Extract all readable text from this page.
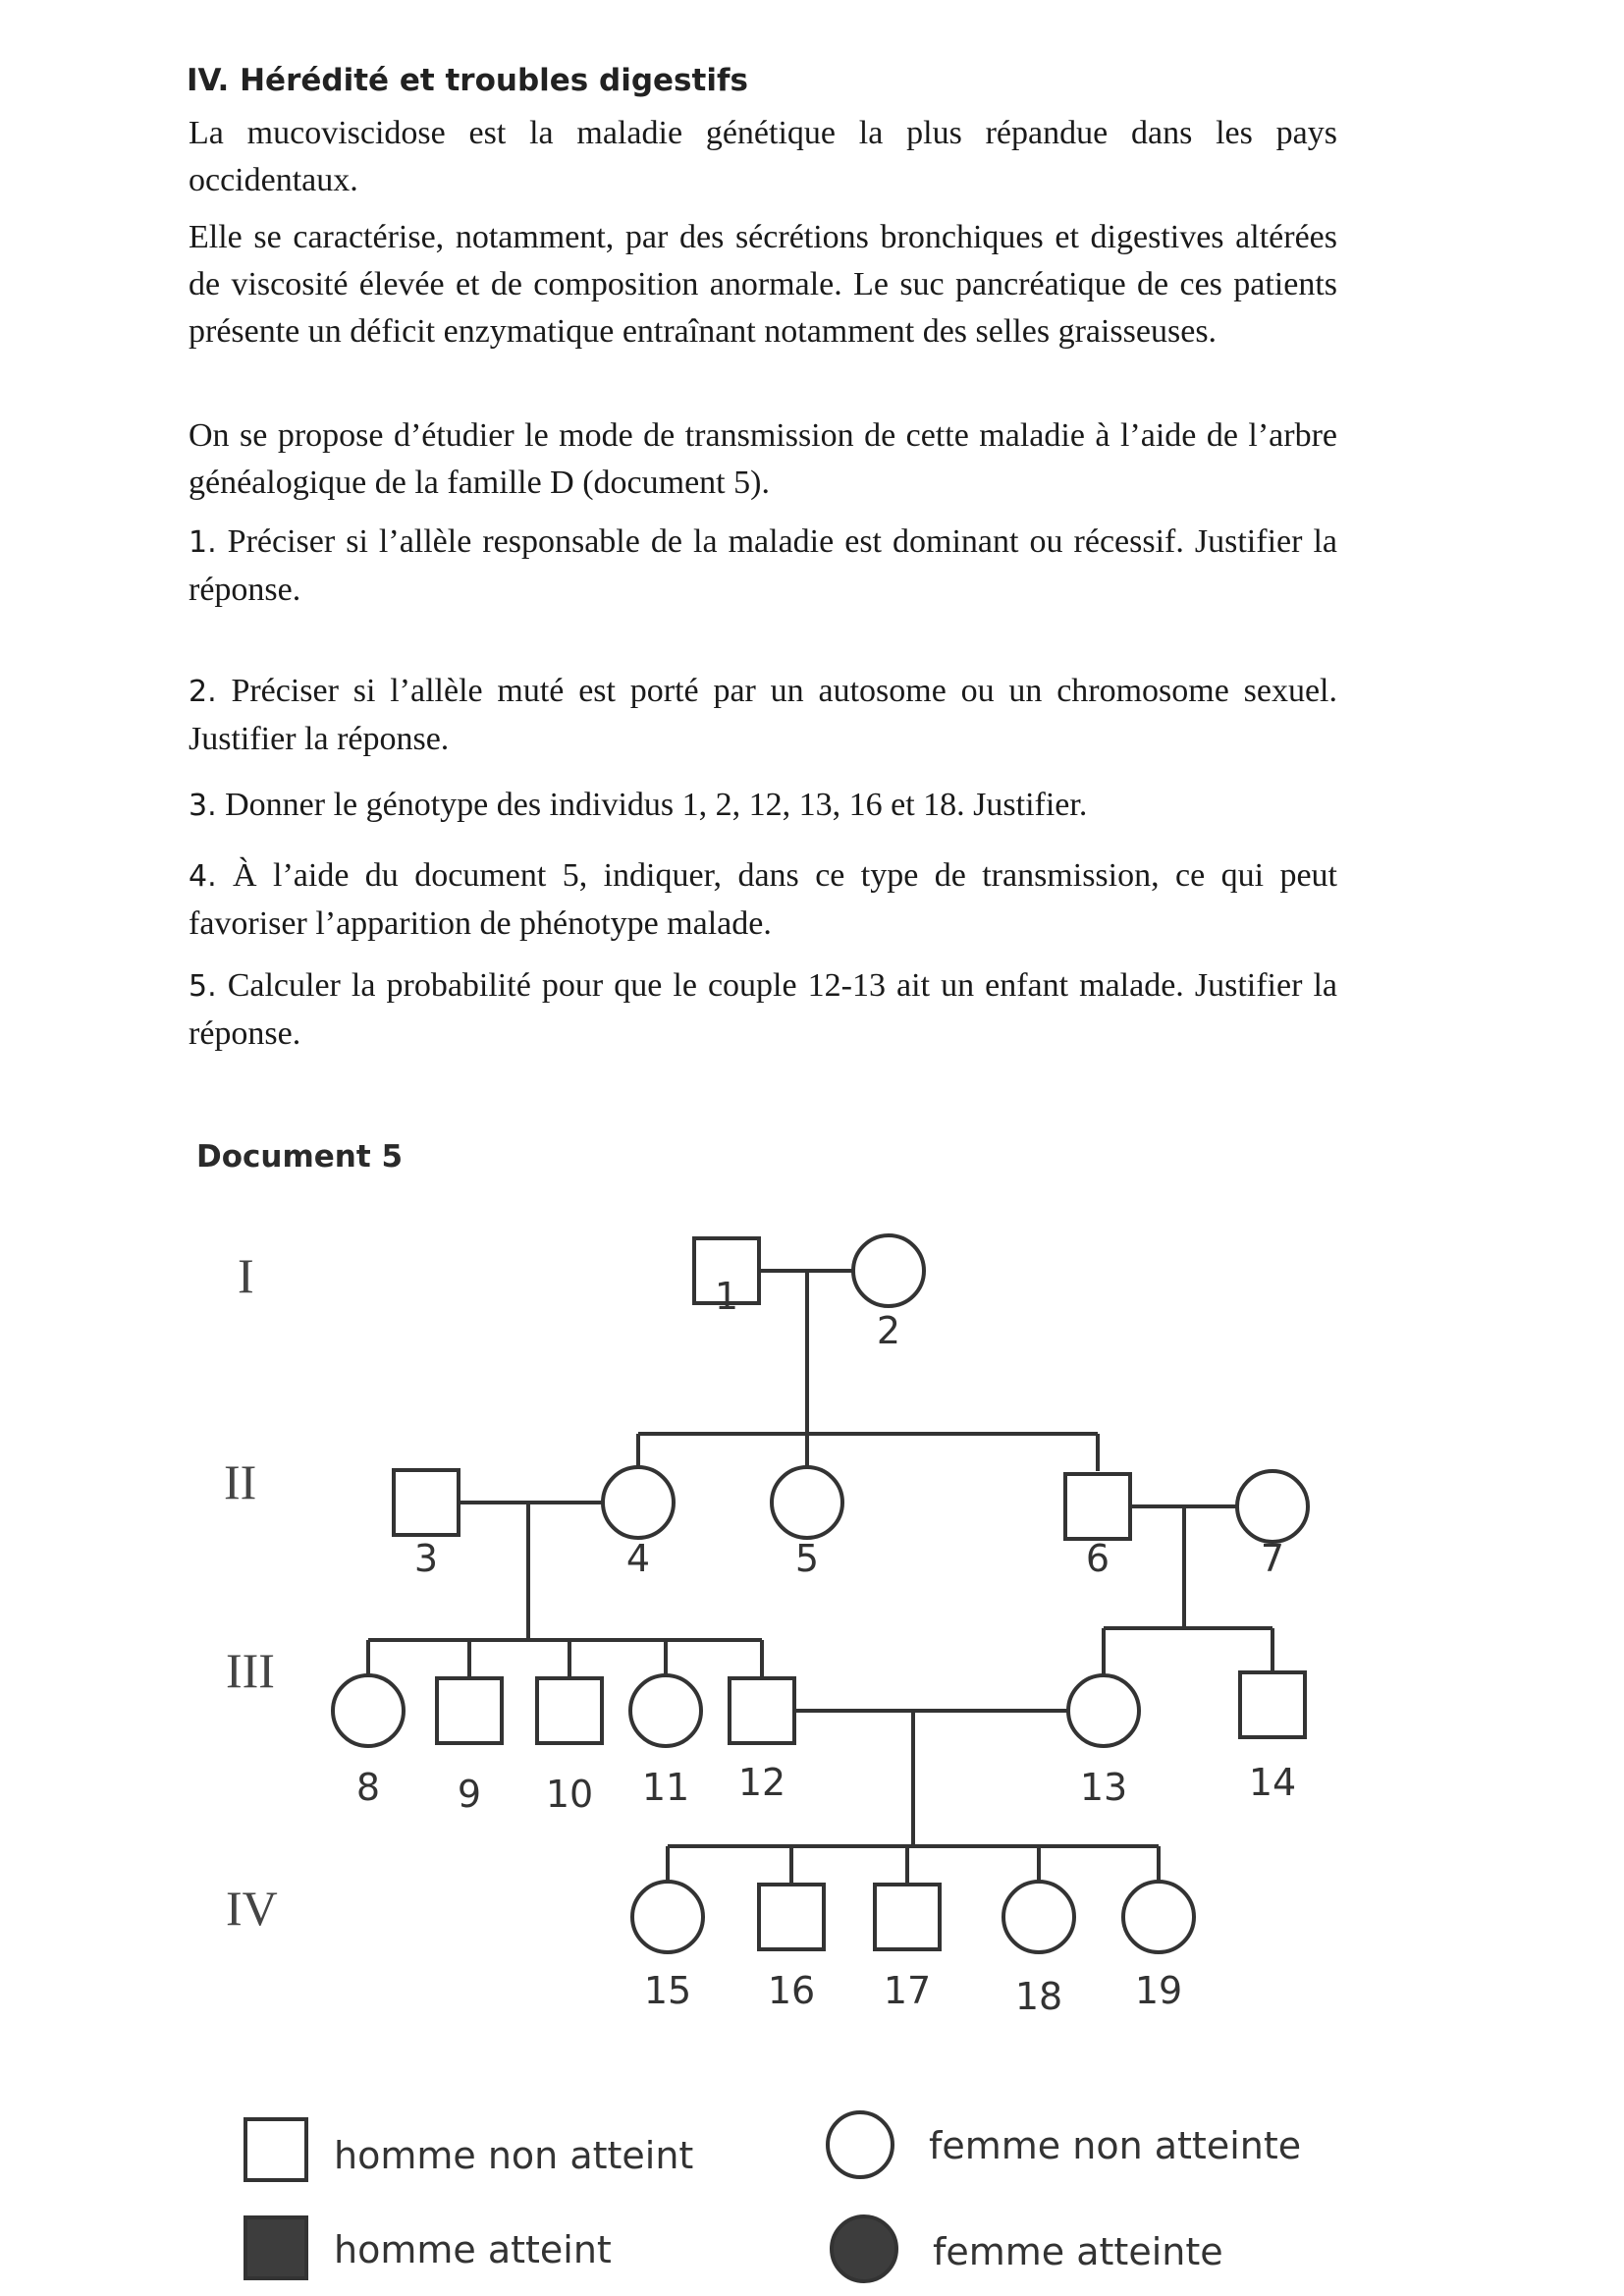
IV. Hérédité et troubles digestifs

La mucoviscidose est la maladie génétique la plus répandue dans les pays occidentaux.

Elle se caractérise, notamment, par des sécrétions bronchiques et digestives altérées de viscosité élevée et de composition anormale. Le suc pancréatique de ces patients présente un déficit enzymatique entraînant notamment des selles graisseuses.

On se propose d’étudier le mode de transmission de cette maladie à l’aide de l’arbre généalogique de la famille D (document 5).

1. Préciser si l’allèle responsable de la maladie est dominant ou récessif. Justifier la réponse.

2. Préciser si l’allèle muté est porté par un autosome ou un chromosome sexuel. Justifier la réponse.

3. Donner le génotype des individus 1, 2, 12, 13, 16 et 18. Justifier.

4. À l’aide du document 5, indiquer, dans ce type de transmission, ce qui peut favoriser l’apparition de phénotype malade.

5. Calculer la probabilité pour que le couple 12-13 ait un enfant malade. Justifier la réponse.

Document 5
I
II
III
IV
1
2
3	4	5	6	7
8 9 10 11 12	13	14
15 16 17 18 19
homme non atteint	femme non atteinte
homme atteint	femme atteinte
